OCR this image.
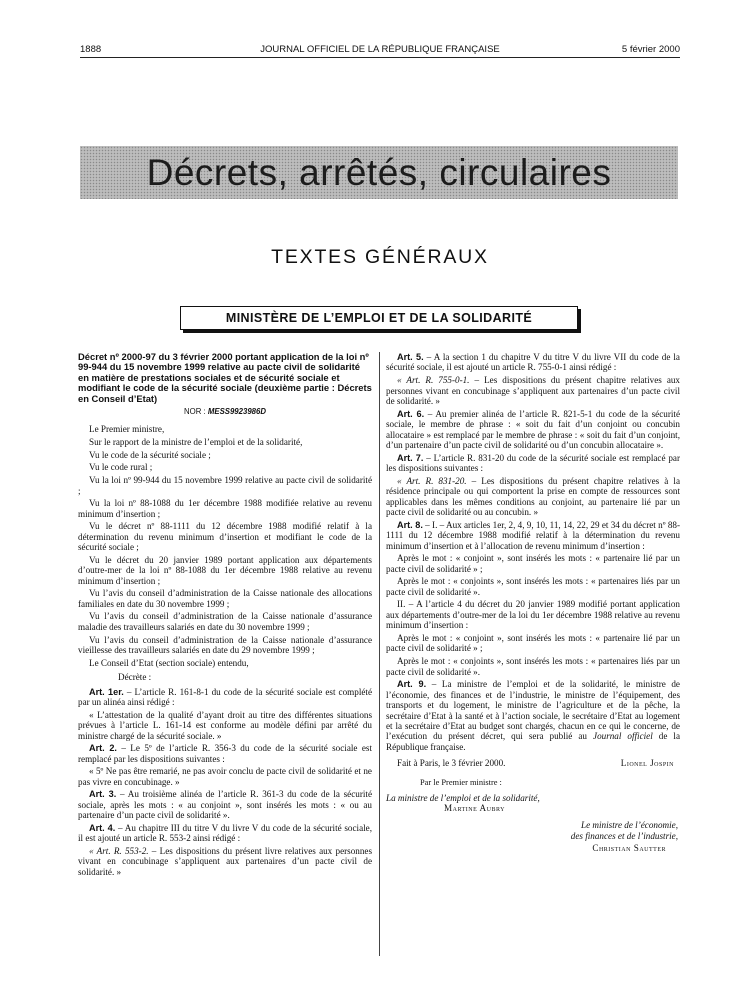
1888	JOURNAL OFFICIEL DE LA RÉPUBLIQUE FRANÇAISE	5 février 2000
Décrets, arrêtés, circulaires
TEXTES GÉNÉRAUX
MINISTÈRE DE L’EMPLOI ET DE LA SOLIDARITÉ

Décret nº 2000-97 du 3 février 2000 portant application de la loi nº 99-944 du 15 novembre 1999 relative au pacte civil de solidarité en matière de prestations sociales et de sécurité sociale et modifiant le code de la sécurité sociale (deuxième partie : Décrets en Conseil d’Etat)

NOR : MESS9923986D

Le Premier ministre,

Sur le rapport de la ministre de l’emploi et de la solidarité,

Vu le code de la sécurité sociale ;

Vu le code rural ;

Vu la loi nº 99-944 du 15 novembre 1999 relative au pacte civil de solidarité ;

Vu la loi nº 88-1088 du 1er décembre 1988 modifiée relative au revenu minimum d’insertion ;

Vu le décret nº 88-1111 du 12 décembre 1988 modifié relatif à la détermination du revenu minimum d’insertion et modifiant le code de la sécurité sociale ;

Vu le décret du 20 janvier 1989 portant application aux départements d’outre-mer de la loi nº 88-1088 du 1er décembre 1988 relative au revenu minimum d’insertion ;

Vu l’avis du conseil d’administration de la Caisse nationale des allocations familiales en date du 30 novembre 1999 ;

Vu l’avis du conseil d’administration de la Caisse nationale d’assurance maladie des travailleurs salariés en date du 30 novembre 1999 ;

Vu l’avis du conseil d’administration de la Caisse nationale d’assurance vieillesse des travailleurs salariés en date du 29 novembre 1999 ;

Le Conseil d’Etat (section sociale) entendu,

Décrète :

Art. 1er. – L’article R. 161-8-1 du code de la sécurité sociale est complété par un alinéa ainsi rédigé :

« L’attestation de la qualité d’ayant droit au titre des différentes situations prévues à l’article L. 161-14 est conforme au modèle défini par arrêté du ministre chargé de la sécurité sociale. »

Art. 2. – Le 5º de l’article R. 356-3 du code de la sécurité sociale est remplacé par les dispositions suivantes :

« 5º Ne pas être remarié, ne pas avoir conclu de pacte civil de solidarité et ne pas vivre en concubinage. »

Art. 3. – Au troisième alinéa de l’article R. 361-3 du code de la sécurité sociale, après les mots : « au conjoint », sont insérés les mots : « ou au partenaire d’un pacte civil de solidarité ».

Art. 4. – Au chapitre III du titre V du livre V du code de la sécurité sociale, il est ajouté un article R. 553-2 ainsi rédigé :

« Art. R. 553-2. – Les dispositions du présent livre relatives aux personnes vivant en concubinage s’appliquent aux partenaires d’un pacte civil de solidarité. »

Art. 5. – A la section 1 du chapitre V du titre V du livre VII du code de la sécurité sociale, il est ajouté un article R. 755-0-1 ainsi rédigé :

« Art. R. 755-0-1. – Les dispositions du présent chapitre relatives aux personnes vivant en concubinage s’appliquent aux partenaires d’un pacte civil de solidarité. »

Art. 6. – Au premier alinéa de l’article R. 821-5-1 du code de la sécurité sociale, le membre de phrase : « soit du fait d’un conjoint ou concubin allocataire » est remplacé par le membre de phrase : « soit du fait d’un conjoint, d’un partenaire d’un pacte civil de solidarité ou d’un concubin allocataire ».

Art. 7. – L’article R. 831-20 du code de la sécurité sociale est remplacé par les dispositions suivantes :

« Art. R. 831-20. – Les dispositions du présent chapitre relatives à la résidence principale ou qui comportent la prise en compte de ressources sont applicables dans les mêmes conditions au conjoint, au partenaire lié par un pacte civil de solidarité ou au concubin. »

Art. 8. – I. – Aux articles 1er, 2, 4, 9, 10, 11, 14, 22, 29 et 34 du décret nº 88-1111 du 12 décembre 1988 modifié relatif à la détermination du revenu minimum d’insertion et à l’allocation de revenu minimum d’insertion :

Après le mot : « conjoint », sont insérés les mots : « partenaire lié par un pacte civil de solidarité » ;

Après le mot : « conjoints », sont insérés les mots : « partenaires liés par un pacte civil de solidarité ».

II. – A l’article 4 du décret du 20 janvier 1989 modifié portant application aux départements d’outre-mer de la loi du 1er décembre 1988 relative au revenu minimum d’insertion :

Après le mot : « conjoint », sont insérés les mots : « partenaire lié par un pacte civil de solidarité » ;

Après le mot : « conjoints », sont insérés les mots : « partenaires liés par un pacte civil de solidarité ».

Art. 9. – La ministre de l’emploi et de la solidarité, le ministre de l’économie, des finances et de l’industrie, le ministre de l’équipement, des transports et du logement, le ministre de l’agriculture et de la pêche, la secrétaire d’Etat à la santé et à l’action sociale, le secrétaire d’Etat au logement et la secrétaire d’Etat au budget sont chargés, chacun en ce qui le concerne, de l’exécution du présent décret, qui sera publié au Journal officiel de la République française.

Fait à Paris, le 3 février 2000.	Lionel Jospin
Par le Premier ministre :
La ministre de l’emploi et de la solidarité,
Martine Aubry
Le ministre de l’économie,
des finances et de l’industrie,
Christian Sautter
